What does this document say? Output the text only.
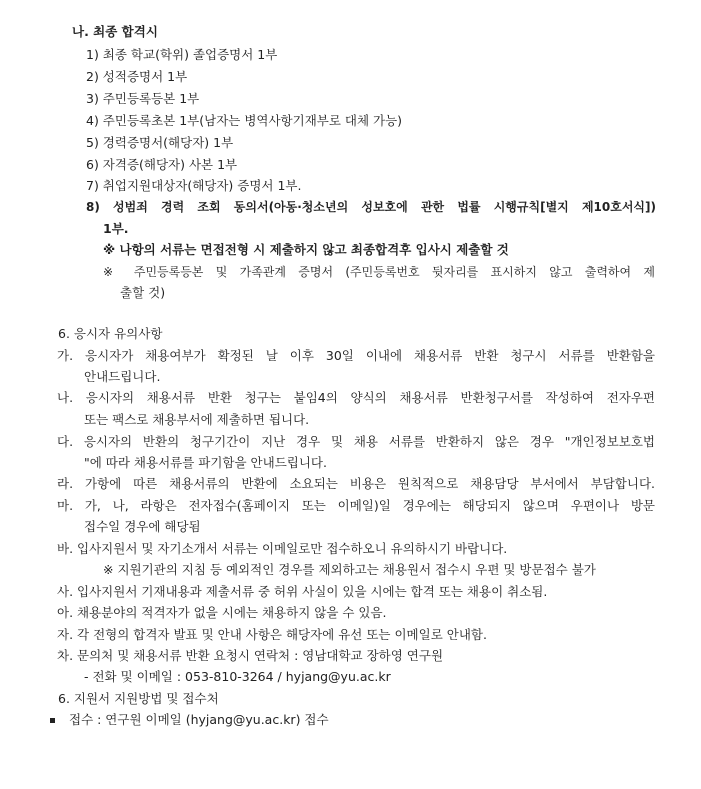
나. 최종 합격시
1) 최종 학교(학위) 졸업증명서 1부
2) 성적증명서 1부
3) 주민등록등본 1부
4) 주민등록초본 1부(남자는 병역사항기재부로 대체 가능)
5) 경력증명서(해당자) 1부
6) 자격증(해당자) 사본 1부
7) 취업지원대상자(해당자) 증명서 1부.
8) 성범죄 경력 조회 동의서(아동·청소년의 성보호에 관한 법률 시행규칙[별지 제10호서식])
1부.
※ 나항의 서류는 면접전형 시 제출하지 않고 최종합격후 입사시 제출할 것
※ 주민등록등본 및 가족관계 증명서 (주민등록번호 뒷자리를 표시하지 않고 출력하여 제
출할 것)
6. 응시자 유의사항
가. 응시자가 채용여부가 확정된 날 이후 30일 이내에 채용서류 반환 청구시 서류를 반환함을
안내드립니다.
나. 응시자의 채용서류 반환 청구는 붙임4의 양식의 채용서류 반환청구서를 작성하여 전자우편
또는 팩스로 채용부서에 제출하면 됩니다.
다. 응시자의 반환의 청구기간이 지난 경우 및 채용 서류를 반환하지 않은 경우 "개인정보보호법
"에 따라 채용서류를 파기함을 안내드립니다.
라. 가항에 따른 채용서류의 반환에 소요되는 비용은 원칙적으로 채용담당 부서에서 부담합니다.
마. 가, 나, 라항은 전자접수(홈페이지 또는 이메일)일 경우에는 해당되지 않으며 우편이나 방문
접수일 경우에 해당됨
바. 입사지원서 및 자기소개서 서류는 이메일로만 접수하오니 유의하시기 바랍니다.
※ 지원기관의 지침 등 예외적인 경우를 제외하고는 채용원서 접수시 우편 및 방문접수 불가
사. 입사지원서 기재내용과 제출서류 중 허위 사실이 있을 시에는 합격 또는 채용이 취소됨.
아. 채용분야의 적격자가 없을 시에는 채용하지 않을 수 있음.
자. 각 전형의 합격자 발표 및 안내 사항은 해당자에 유선 또는 이메일로 안내함.
차. 문의처 및 채용서류 반환 요청시 연락처 : 영남대학교 장하영 연구원
- 전화 및 이메일 : 053-810-3264 / hyjang@yu.ac.kr
6. 지원서 지원방법 및 접수처
접수 : 연구원 이메일 (hyjang@yu.ac.kr) 접수
